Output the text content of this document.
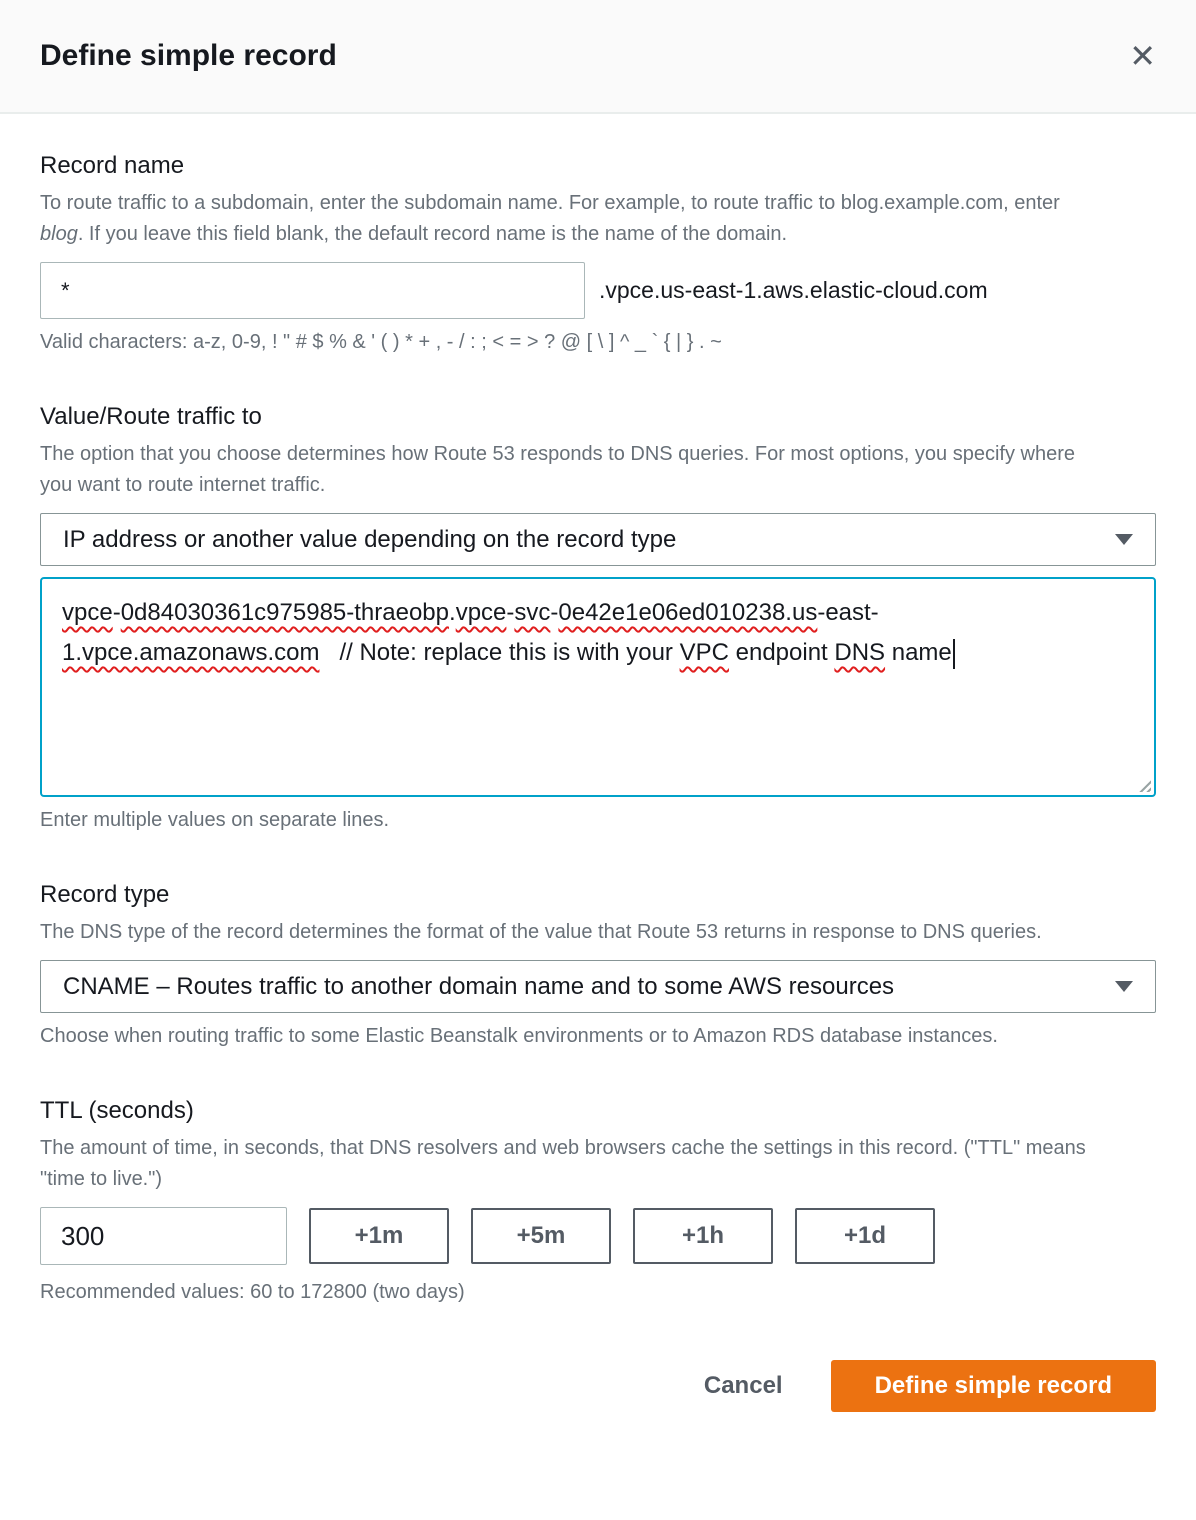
Define simple record	✕
Record name

To route traffic to a subdomain, enter the subdomain name. For example, to route traffic to blog.example.com, enter blog. If you leave this field blank, the default record name is the name of the domain.

*
.vpce.us-east-1.aws.elastic-cloud.com

Valid characters: a-z, 0-9, ! " # $ % & ' ( ) * + , - / : ; < = > ? @ [ \ ] ^ _ ` { | } . ~

Value/Route traffic to

The option that you choose determines how Route 53 responds to DNS queries. For most options, you specify where you want to route internet traffic.

IP address or another value depending on the record type
vpce-0d84030361c975985-thraeobp.vpce-svc-0e42e1e06ed010238.us-east-
1.vpce.amazonaws.com   // Note: replace this is with your VPC endpoint DNS name

Enter multiple values on separate lines.

Record type

The DNS type of the record determines the format of the value that Route 53 returns in response to DNS queries.

CNAME – Routes traffic to another domain name and to some AWS resources

Choose when routing traffic to some Elastic Beanstalk environments or to Amazon RDS database instances.

TTL (seconds)

The amount of time, in seconds, that DNS resolvers and web browsers cache the settings in this record. ("TTL" means "time to live.")

300
+1m	+5m	+1h	+1d

Recommended values: 60 to 172800 (two days)

Cancel	Define simple record
